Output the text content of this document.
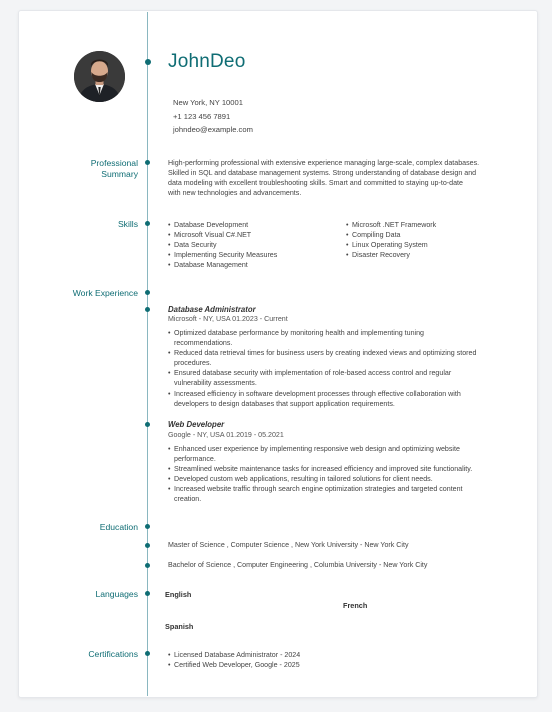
JohnDeo
New York, NY 10001
+1 123 456 7891
johndeo@example.com
Professional
Summary
High-performing professional with extensive experience managing large-scale, complex databases.
Skilled in SQL and database management systems. Strong understanding of database design and
data modeling with excellent troubleshooting skills. Smart and committed to staying up-to-date
with new technologies and advancements.
Skills	• Database Development
• Microsoft Visual C#.NET
• Data Security
• Implementing Security Measures
• Database Management
• Microsoft .NET Framework
• Compiling Data
• Linux Operating System
• Disaster Recovery
Work Experience
Database Administrator
Microsoft - NY, USA 01.2023 - Current
• Optimized database performance by monitoring health and implementing tuning
recommendations.
• Reduced data retrieval times for business users by creating indexed views and optimizing stored
procedures.
• Ensured database security with implementation of role-based access control and regular
vulnerability assessments.
• Increased efficiency in software development processes through effective collaboration with
developers to design databases that support application requirements.
Web Developer
Google - NY, USA 01.2019 - 05.2021
• Enhanced user experience by implementing responsive web design and optimizing website
performance.
• Streamlined website maintenance tasks for increased efficiency and improved site functionality.
• Developed custom web applications, resulting in tailored solutions for client needs.
• Increased website traffic through search engine optimization strategies and targeted content
creation.
Education
Master of Science , Computer Science , New York University - New York City
Bachelor of Science , Computer Engineering , Columbia University - New York City
Languages	English
French
Spanish
Certifications	• Licensed Database Administrator - 2024
• Certified Web Developer, Google - 2025
